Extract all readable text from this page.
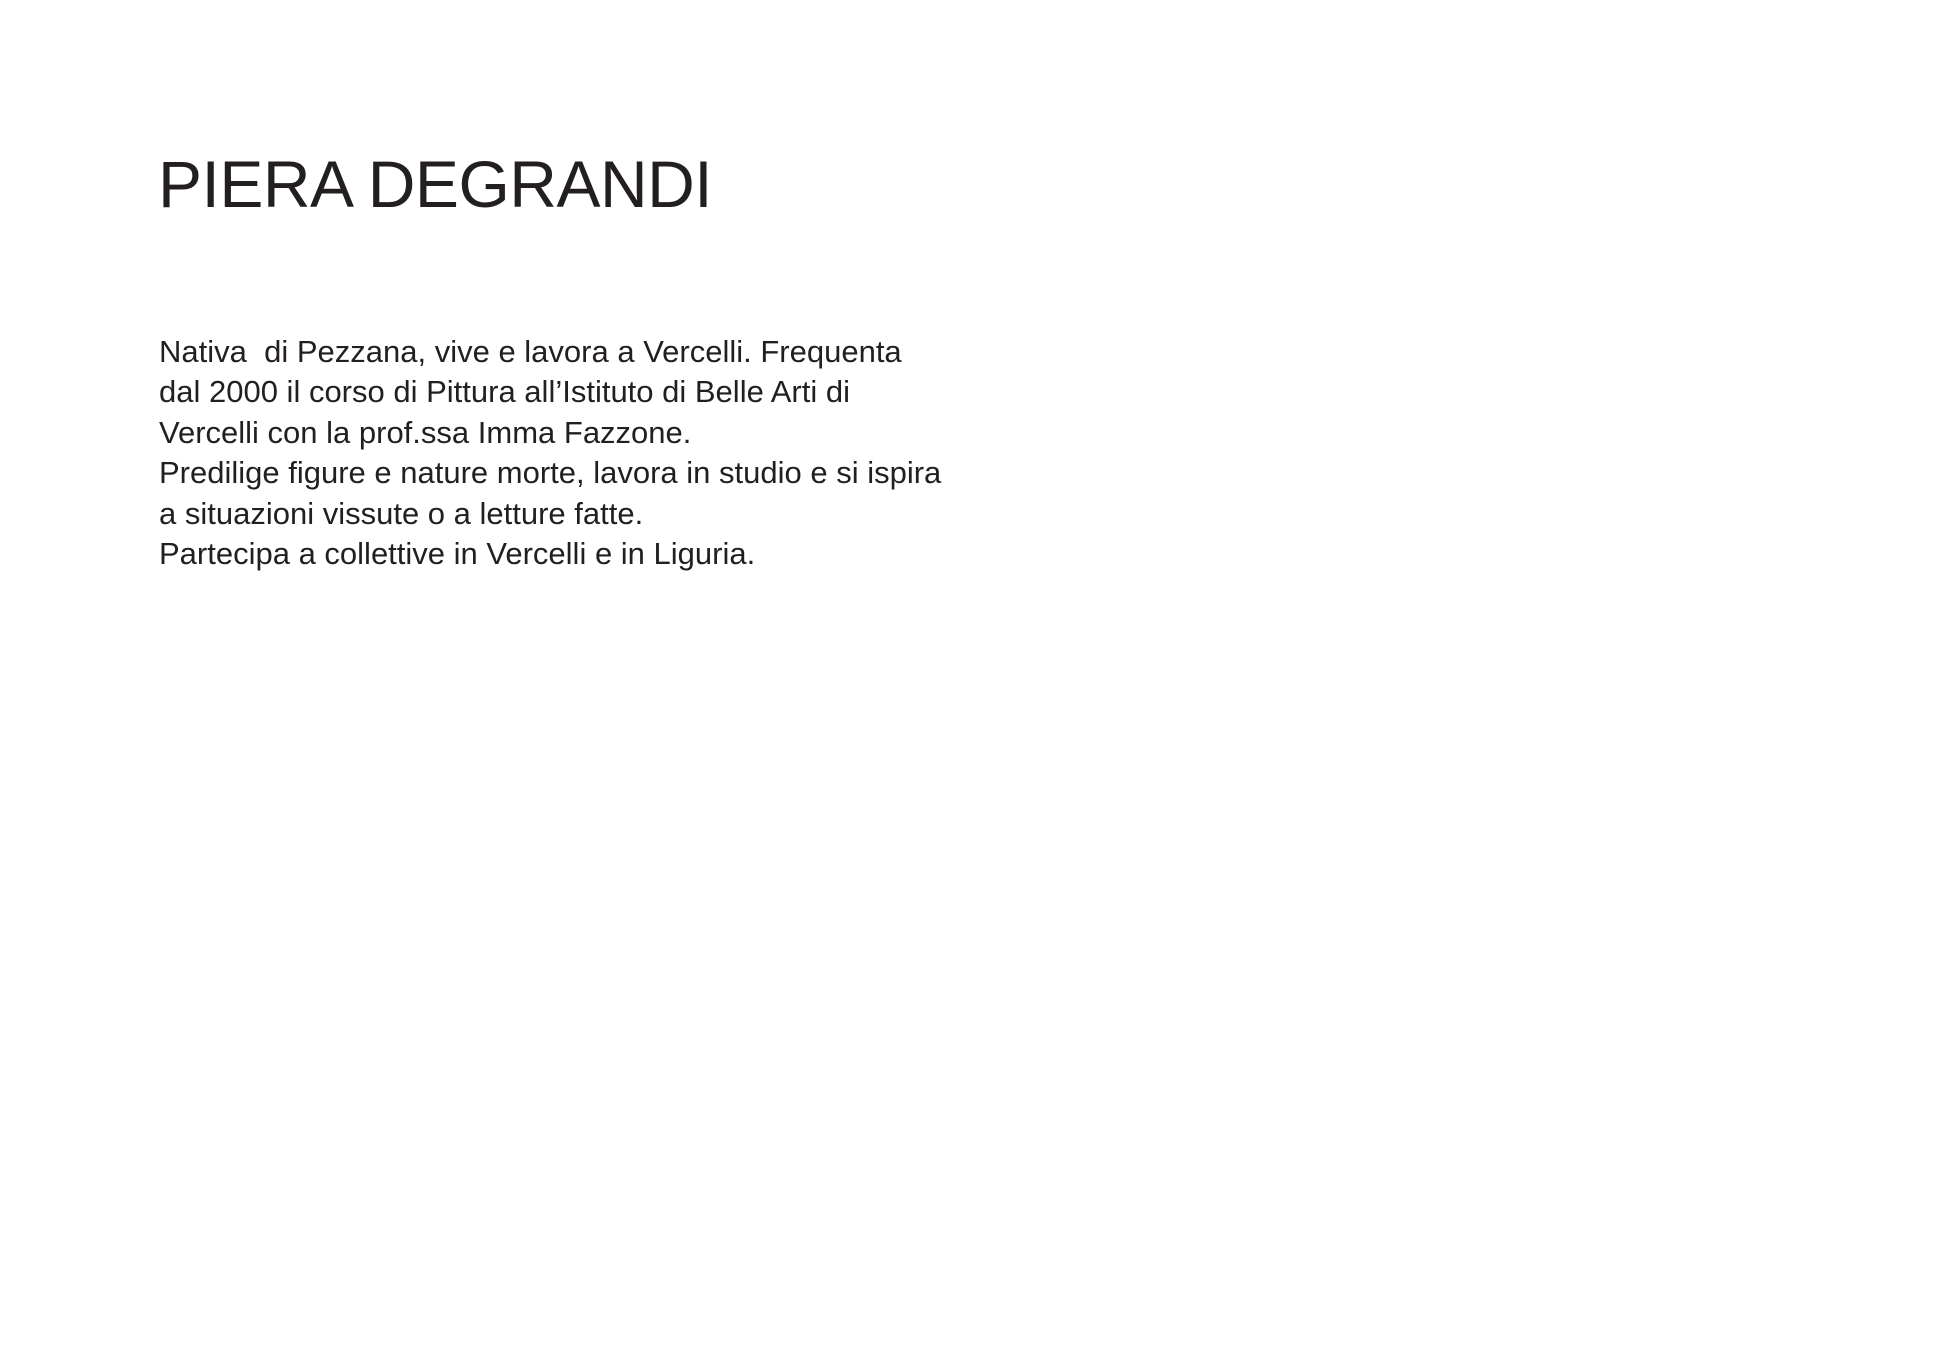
PIERA DEGRANDI
Nativa  di Pezzana, vive e lavora a Vercelli. Frequenta
dal 2000 il corso di Pittura all’Istituto di Belle Arti di
Vercelli con la prof.ssa Imma Fazzone.
Predilige figure e nature morte, lavora in studio e si ispira
a situazioni vissute o a letture fatte.
Partecipa a collettive in Vercelli e in Liguria.
